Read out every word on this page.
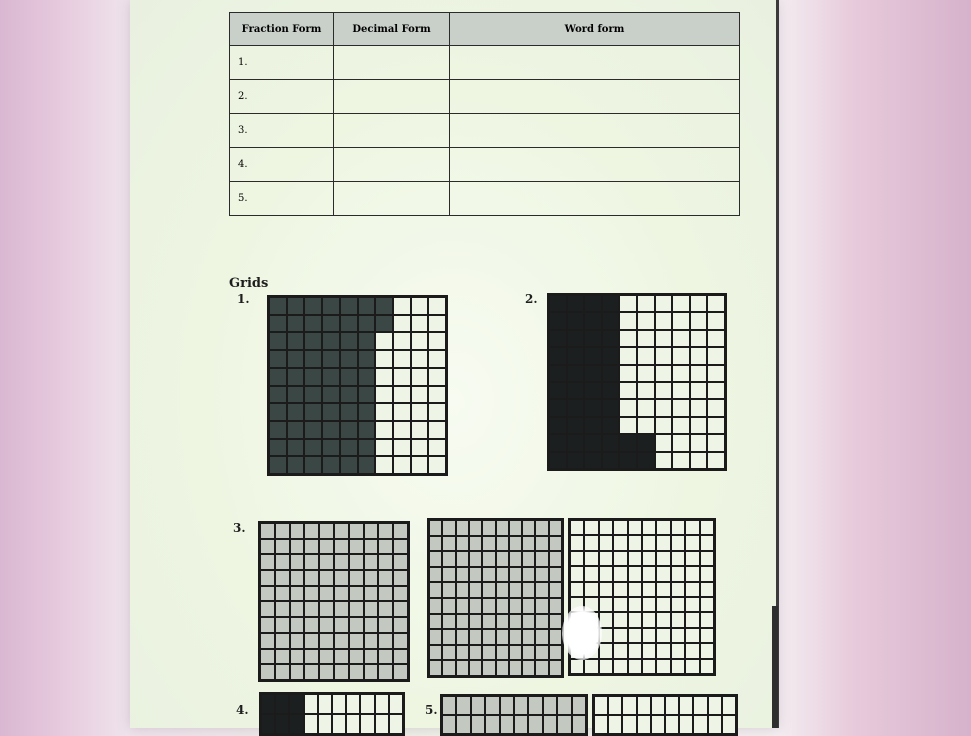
Fraction Form	Decimal Form	Word form
1.		
2.		
3.		
4.		
5.		
Grids
1.	2.
3.
4.	5.
